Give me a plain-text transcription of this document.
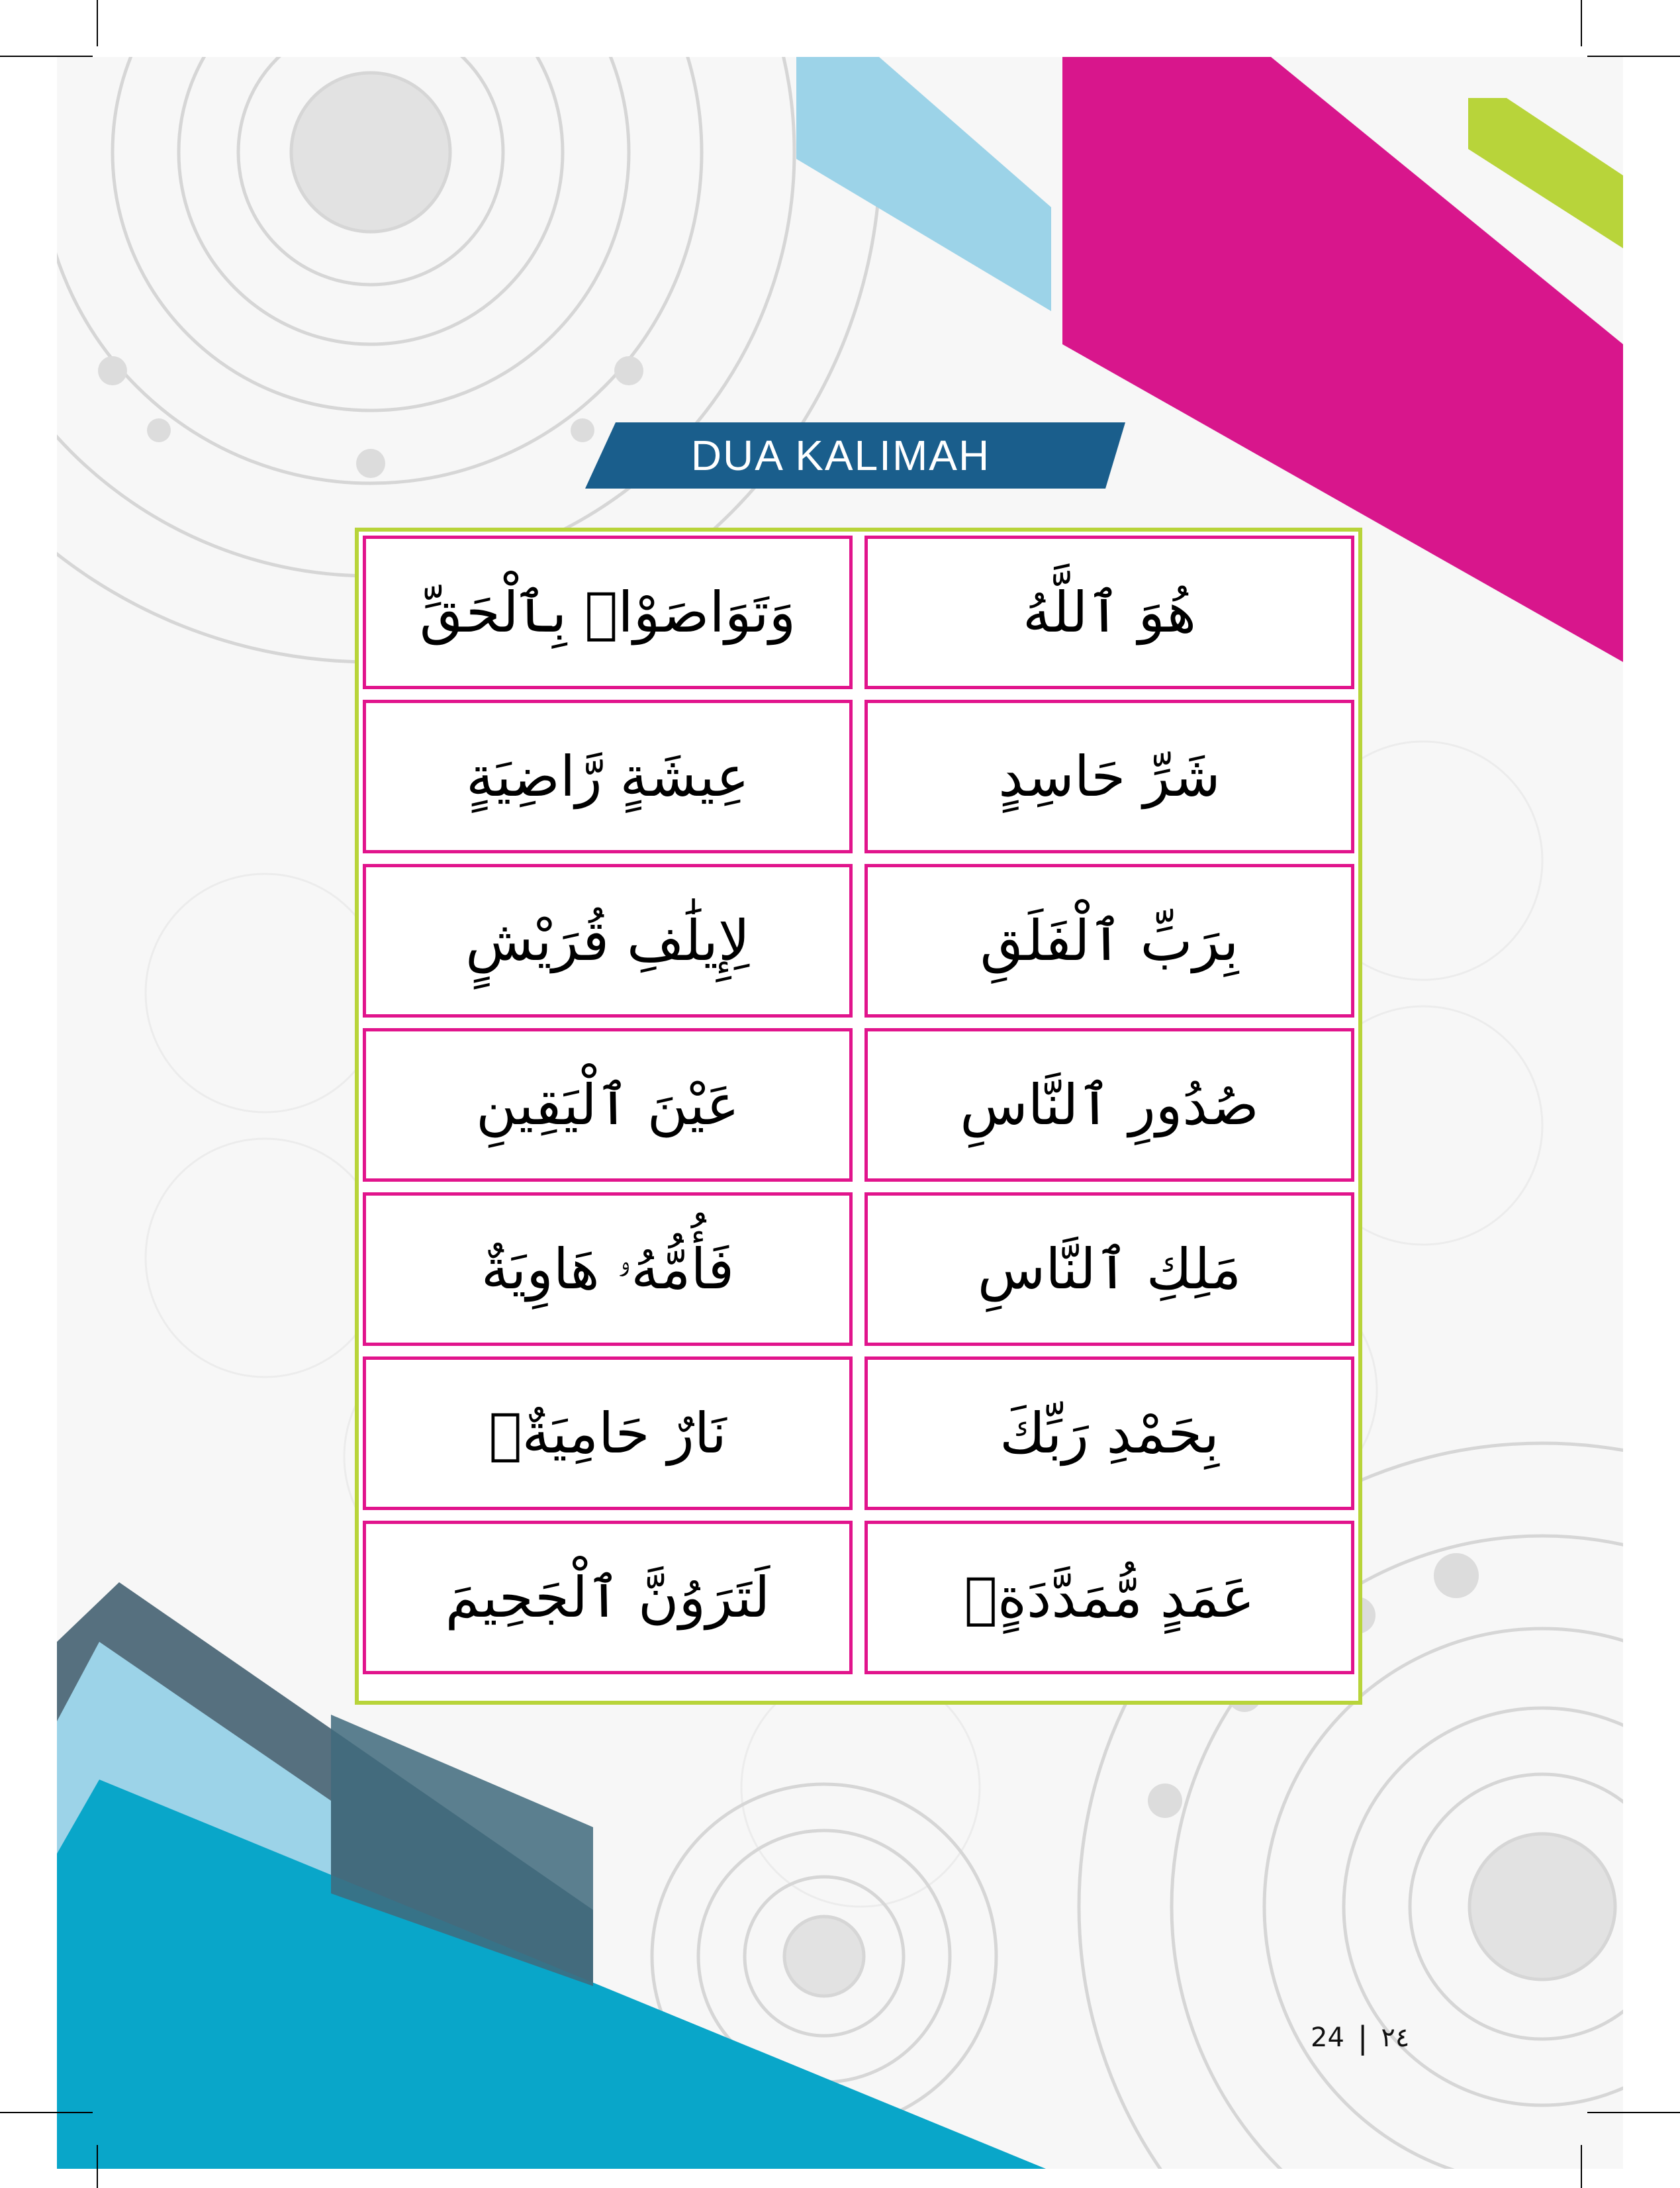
DUA KALIMAH
وَتَوَاصَوْا۟ بِٱلْحَقِّ	هُوَ ٱللَّهُ
عِيشَةٍ رَّاضِيَةٍ	شَرِّ حَاسِدٍ
لِإِيلَٰفِ قُرَيْشٍ	بِرَبِّ ٱلْفَلَقِ
عَيْنَ ٱلْيَقِينِ	صُدُورِ ٱلنَّاسِ
فَأُمُّهُۥ هَاوِيَةٌ	مَلِكِ ٱلنَّاسِ
نَارٌ حَامِيَةٌۢ	بِحَمْدِ رَبِّكَ
لَتَرَوُنَّ ٱلْجَحِيمَ	عَمَدٍ مُّمَدَّدَةٍۭ
24 | ٢٤
